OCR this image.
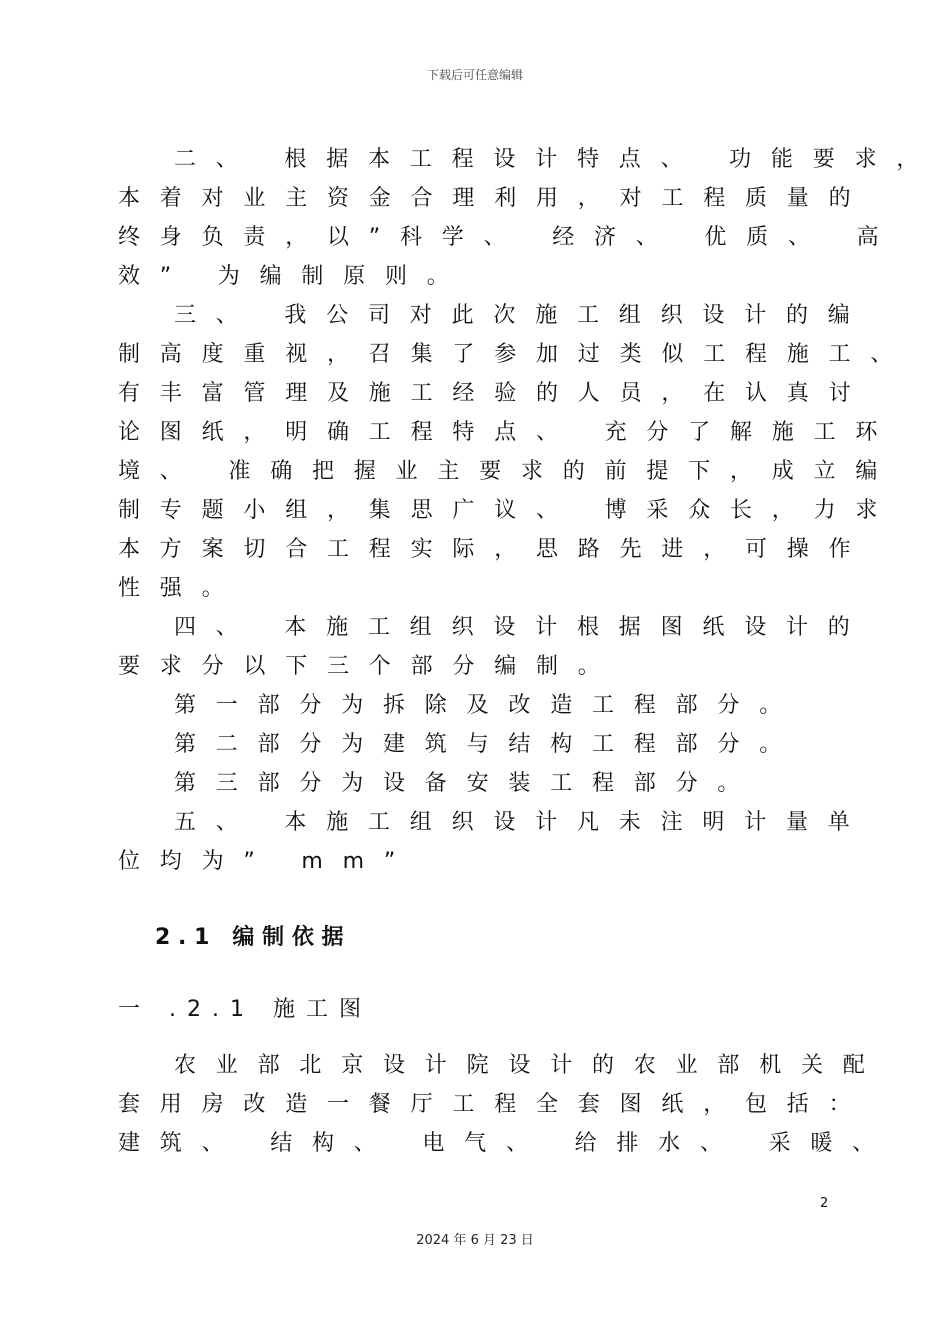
下载后可任意编辑
二、 根据本工程设计特点、 功能要求，
本着对业主资金合理利用，对工程质量的
终身负责，以”科学、 经济、 优质、 高
效” 为编制原则。
三、 我公司对此次施工组织设计的编
制高度重视，召集了参加过类似工程施工、
有丰富管理及施工经验的人员，在认真讨
论图纸，明确工程特点、 充分了解施工环
境、 准确把握业主要求的前提下，成立编
制专题小组，集思广议、 博采众长，力求
本方案切合工程实际，思路先进，可操作
性强。
四、 本施工组织设计根据图纸设计的
要求分以下三个部分编制。
第一部分为拆除及改造工程部分。
第二部分为建筑与结构工程部分。
第三部分为设备安装工程部分。
五、 本施工组织设计凡未注明计量单
位均为” mm”
2.1 编制依据
一 .2.1 施工图
农业部北京设计院设计的农业部机关配
套用房改造一餐厅工程全套图纸，包括：
建筑、 结构、 电气、 给排水、 采暖、
2
2024 年 6 月 23 日
